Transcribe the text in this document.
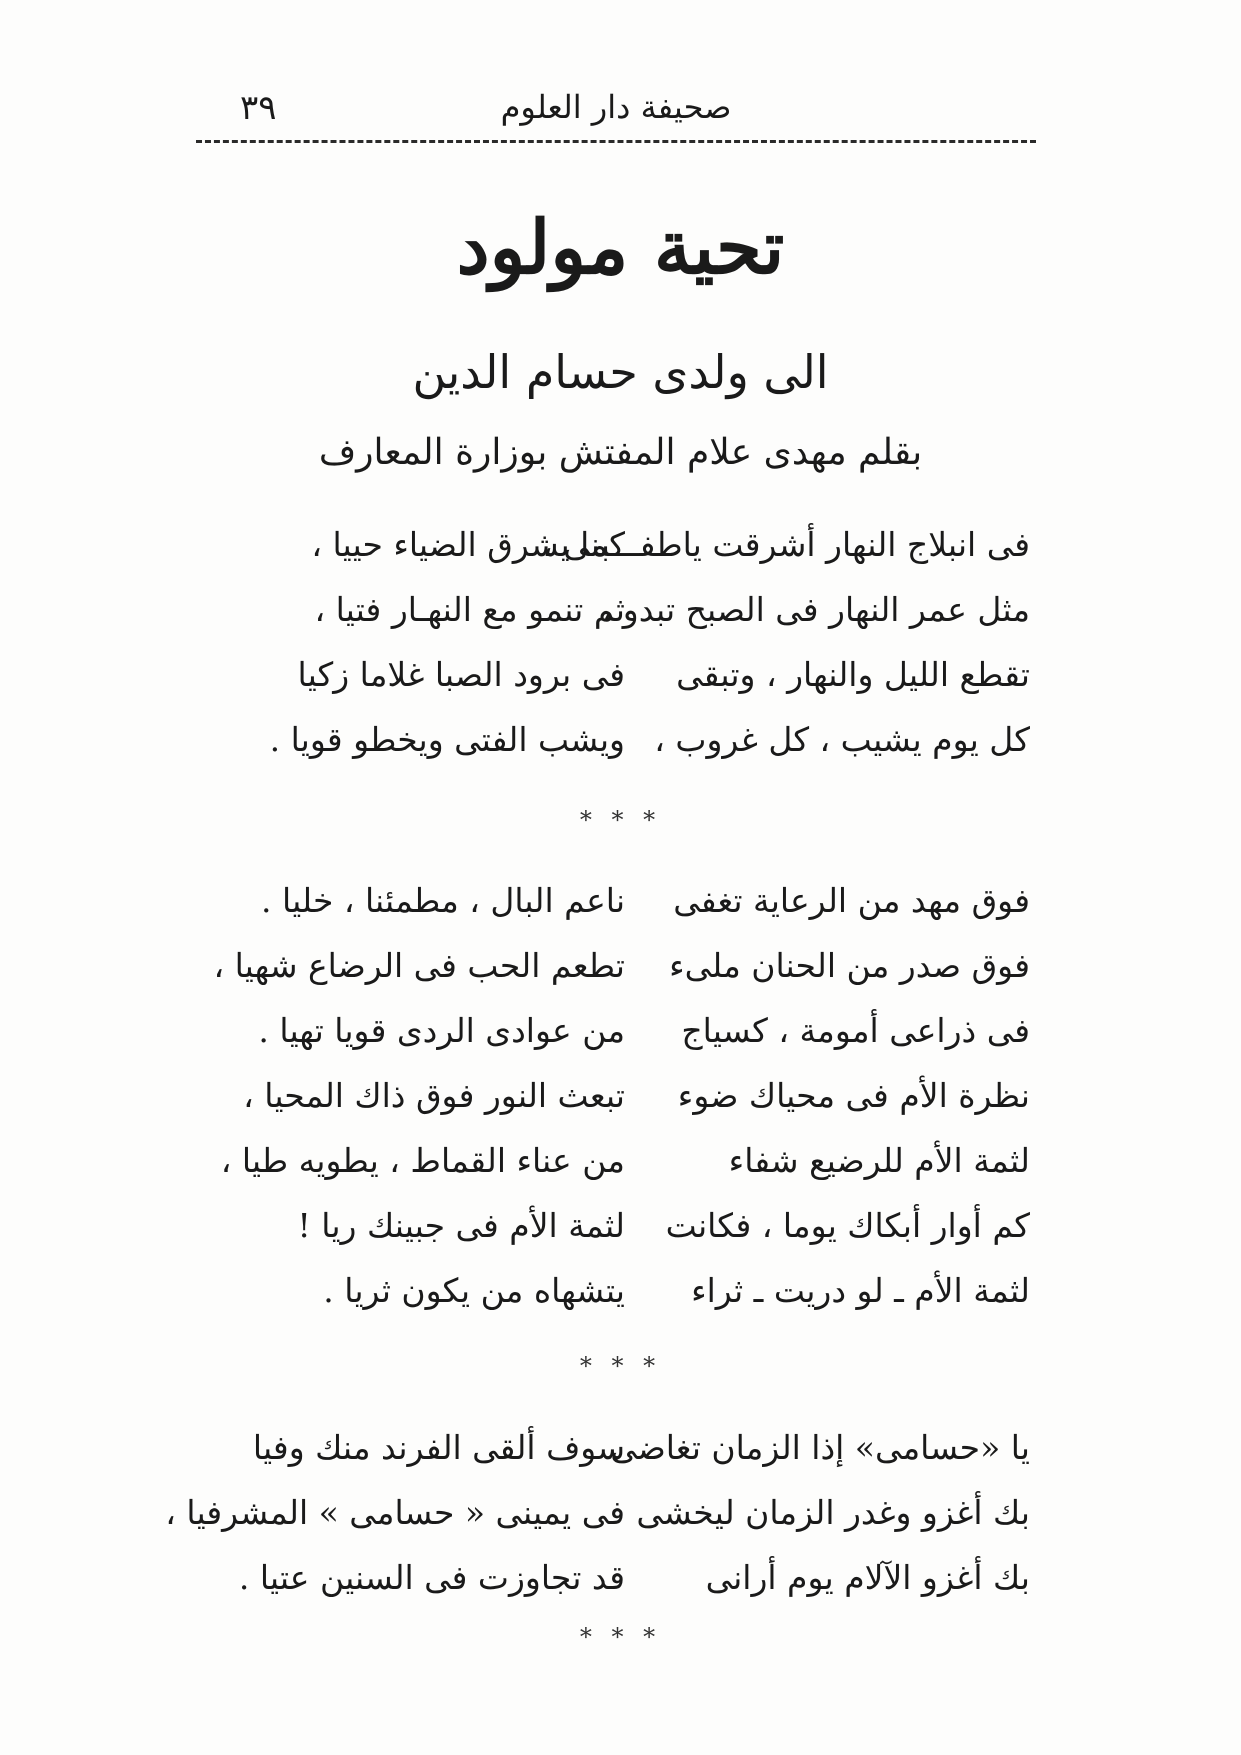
٣٩	صحيفة دار العلوم
تحية مولود
الى ولدى حسام الدين
بقلم مهدى علام المفتش بوزارة المعارف
فى انبلاج النهار أشرقت ياطفـــبنى ،
كما يشرق الضياء حييا ،
مثل عمر النهار فى الصبح تبدو ،
ثم تنمو مع النهـار فتيا ،
تقطع الليل والنهار ، وتبقى
فى برود الصبا غلاما زكيا
كل يوم يشيب ، كل غروب ،
ويشب الفتى ويخطو قويا .
* * *
فوق مهد من الرعاية تغفى
ناعم البال ، مطمئنا ، خليا .
فوق صدر من الحنان ملىء
تطعم الحب فى الرضاع شهيا ،
فى ذراعى أمومة ، كسياج
من عوادى الردى قويا تهيا .
نظرة الأم فى محياك ضوء
تبعث النور فوق ذاك المحيا ،
لثمة الأم للرضيع شفاء
من عناء القماط ، يطويه طيا ،
كم أوار أبكاك يوما ، فكانت
لثمة الأم فى جبينك ريا !
لثمة الأم ـ لو دريت ـ ثراء
يتشهاه من يكون ثريا .
* * *
يا «حسامى» إذا الزمان تغاضى
سوف ألقى الفرند منك وفيا
بك أغزو وغدر الزمان ليخشى
فى يمينى « حسامى » المشرفيا ،
بك أغزو الآلام يوم أرانى
قد تجاوزت فى السنين عتيا .
* * *
